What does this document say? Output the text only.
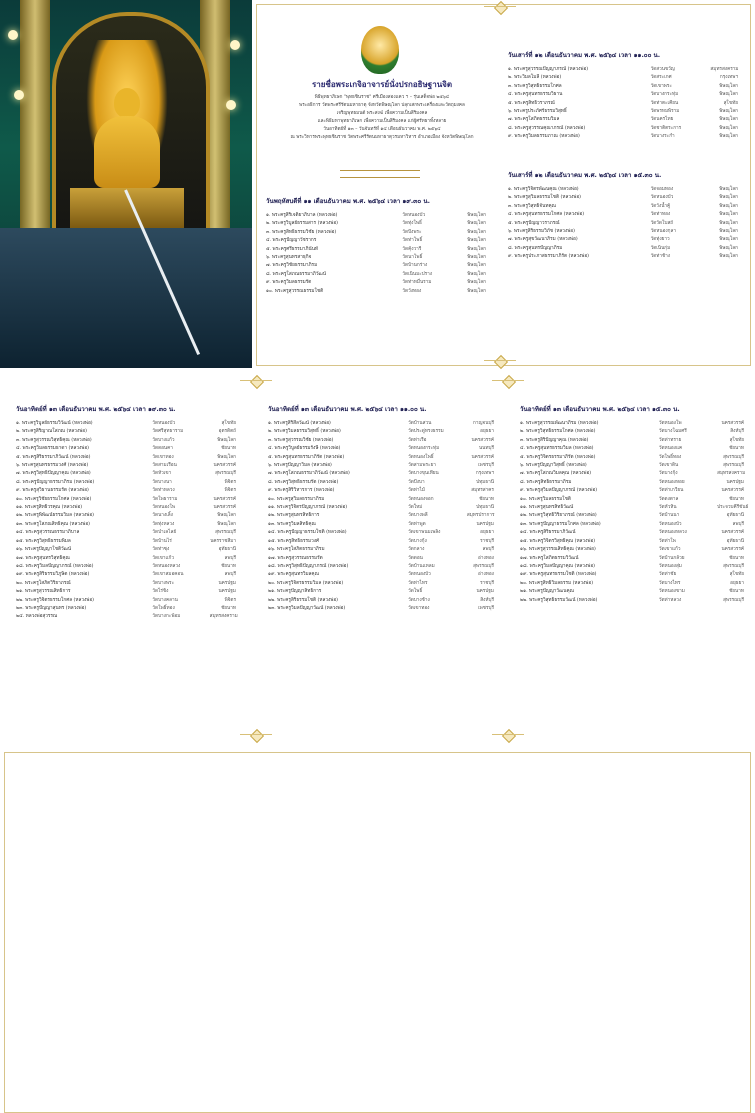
รายชื่อพระเกจิอาจารย์นั่งปรกอธิษฐานจิต
พิธีพุทธาภิเษก "พุทธชินราช" ศรีเมืองสองแคว ฯ – รุ่นเสด็จพ่อ ๒๕๖๔
พระอธิการ วัดพระศรีรัตนมหาธาตุ จังหวัดพิษณุโลก ปลุกเสกพระเครื่องและวัตถุมงคล
เจริญพุทธมนต์ พระสงฆ์ เพื่อความเป็นสิริมงคล
และพิธีมหาพุทธาภิเษก เพื่อความเป็นสิริมงคล แก่ผู้ศรัทธาทั้งหลาย
วันอาทิตย์ที่ ๑๓ – วันจันทร์ที่ ๑๔ เดือนธันวาคม พ.ศ. ๒๕๖๔
ณ พระวิหารพระพุทธชินราช วัดพระศรีรัตนมหาธาตุวรมหาวิหาร อำเภอเมือง จังหวัดพิษณุโลก
วันพฤหัสบดีที่ ๑๑ เดือนธันวาคม พ.ศ. ๒๕๖๔ เวลา ๑๙.๓๐ น.
๑. พระครูสิริเจติยาภิบาล (หลวงพ่อ)	วัดหนองบัว	พิษณุโลก
๒. พระครูวิบูลย์ธรรมสาร (หลวงพ่อ)	วัดทุ่งโพธิ์	พิษณุโลก
๓. พระครูสิทธิธรรมวิชัย (หลวงพ่อ)	วัดบึงพระ	พิษณุโลก
๔. พระครูปัญญาวัชรากร	วัดท่าโพธิ์	พิษณุโลก
๕. พระครูศรีธรรมาภินันท์	วัดคุ้งวารี	พิษณุโลก
๖. พระครูสุนทรสาธุกิจ	วัดนาโพธิ์	พิษณุโลก
๗. พระครูวิชัยธรรมาภิรม	วัดบ้านกร่าง	พิษณุโลก
๘. พระครูโสภณธรรมาภิวัฒน์	วัดเนินมะปราง	พิษณุโลก
๙. พระครูวิมลธรรมรัต	วัดท่าหมื่นราม	พิษณุโลก
๑๐. พระครูสุวรรณธรรมโชติ	วัดวังทอง	พิษณุโลก
วันเสาร์ที่ ๑๒ เดือนธันวาคม พ.ศ. ๒๕๖๔ เวลา ๑๑.๐๐ น.
๑. พระครูสุวรรณปัญญาภรณ์ (หลวงพ่อ)	วัดสวนขวัญ	สมุทรสงคราม
๒. พระวิมลโมลี (หลวงพ่อ)	วัดสระเกศ	กรุงเทพฯ
๓. พระครูวิสุทธิธรรมโกศล	วัดเขาพระ	พิษณุโลก
๔. พระครูสุนทรธรรมวิธาน	วัดบางกระทุ่ม	พิษณุโลก
๕. พระครูสิทธิวราภรณ์	วัดท่าตะเคียน	สุโขทัย
๖. พระครูประภัศร์ธรรมวิสุทธิ์	วัดพรหมพิราม	พิษณุโลก
๗. พระครูโสภิตธรรมวิมล	วัดนครไทย	พิษณุโลก
๘. พระครูสุวรรณคุณาภรณ์ (หลวงพ่อ)	วัดชาติตระการ	พิษณุโลก
๙. พระครูวิมลธรรมภาณ (หลวงพ่อ)	วัดบางระกำ	พิษณุโลก
วันเสาร์ที่ ๑๒ เดือนธันวาคม พ.ศ. ๒๕๖๔ เวลา ๑๕.๓๐ น.
๑. พระครูวิจิตรพัฒนคุณ (หลวงพ่อ)	วัดจอมทอง	พิษณุโลก
๒. พระครูสุวิมลธรรมโชติ (หลวงพ่อ)	วัดหนองบัว	พิษณุโลก
๓. พระครูวิสุทธิจันทคุณ	วัดวังน้ำคู้	พิษณุโลก
๔. พระครูสุนทรธรรมโกศล (หลวงพ่อ)	วัดท่าทอง	พิษณุโลก
๕. พระครูปัญญาวราภรณ์	วัดวัดโบสถ์	พิษณุโลก
๖. พระครูสิริธรรมวิภัช (หลวงพ่อ)	วัดหนองกุลา	พิษณุโลก
๗. พระครูสุขวัฒนาภิรม (หลวงพ่อ)	วัดทุ่งยาว	พิษณุโลก
๘. พระครูสุนทรปัญญาภิรม	วัดเนินกุ่ม	พิษณุโลก
๙. พระครูประภาสธรรมาภิรัต (หลวงพ่อ)	วัดท่าช้าง	พิษณุโลก
วันอาทิตย์ที่ ๑๓ เดือนธันวาคม พ.ศ. ๒๕๖๔ เวลา ๑๙.๓๐ น.
๑. พระครูวิบูลย์ธรรมวิวัฒน์ (หลวงพ่อ)	วัดหนองบัว	สุโขทัย
๒. พระครูสิริญาณโสภณ (หลวงพ่อ)	วัดศรีสุทธาราม	อุตรดิตถ์
๓. พระครูสุวรรณวิสุทธิคุณ (หลวงพ่อ)	วัดบางแก้ว	พิษณุโลก
๔. พระครูวิมลธรรมธาดา (หลวงพ่อ)	วัดดอนคา	ชัยนาท
๕. พระครูสิริธรรมาภิวัฒน์ (หลวงพ่อ)	วัดเขาทอง	พิษณุโลก
๖. พระครูสุนทรธรรมวงศ์ (หลวงพ่อ)	วัดสามเรือน	นครสวรรค์
๗. พระครูวิสุทธิปัญญาคุณ (หลวงพ่อ)	วัดหัวเขา	สุพรรณบุรี
๘. พระครูปัญญาธรรมาภิรม (หลวงพ่อ)	วัดบางนา	พิจิตร
๙. พระครูสุวิธานธรรมรัต (หลวงพ่อ)	วัดท่าหลวง	พิจิตร
๑๐. พระครูวิชัยธรรมโกศล (หลวงพ่อ)	วัดโพธาราม	นครสวรรค์
๑๑. พระครูสิทธิวรคุณ (หลวงพ่อ)	วัดหนองโพ	นครสวรรค์
๑๒. พระครูพิพัฒน์ธรรมวิมล (หลวงพ่อ)	วัดนางเลิ้ง	พิษณุโลก
๑๓. พระครูโสภณสิทธิคุณ (หลวงพ่อ)	วัดทุ่งหลวง	พิษณุโลก
๑๔. พระครูสุวรรณธรรมาภิบาล	วัดป่าเลไลย์	สุพรรณบุรี
๑๕. พระครูวิสุทธิธรรมพิมล	วัดบ้านไร่	นครราชสีมา
๑๖. พระครูปัญญาโชติวัฒน์	วัดท่าซุง	อุทัยธานี
๑๗. พระครูสุนทรวิสุทธิคุณ	วัดเขาแก้ว	ลพบุรี
๑๘. พระครูวิมลปัญญาภรณ์ (หลวงพ่อ)	วัดหนองหลวง	ชัยนาท
๑๙. พระครูสิริธรรมวิภูษิต (หลวงพ่อ)	วัดเขาสมอคอน	ลพบุรี
๒๐. พระครูโสภิตวิริยาภรณ์	วัดบางพระ	นครปฐม
๒๑. พระครูสุวรรณสิทธิการ	วัดไร่ขิง	นครปฐม
๒๒. พระครูวิจิตรธรรมโกศล (หลวงพ่อ)	วัดบางคลาน	พิจิตร
๒๓. พระครูปัญญาสุนทร (หลวงพ่อ)	วัดโพธิ์ทอง	ชัยนาท
๒๔. หลวงพ่อสุวรรณ	วัดบางกะพ้อม	สมุทรสงคราม
วันอาทิตย์ที่ ๑๓ เดือนธันวาคม พ.ศ. ๒๕๖๔ เวลา ๑๑.๐๐ น.
๑. พระครูสิริสีลวัฒน์ (หลวงพ่อ)	วัดบ้านสวน	กาญจนบุรี
๒. พระครูวิมลธรรมวิสุทธิ์ (หลวงพ่อ)	วัดประดู่ทรงธรรม	อยุธยา
๓. พระครูสุวรรณวิชัย (หลวงพ่อ)	วัดท่าเรือ	นครสวรรค์
๔. พระครูวิบูลย์ธรรมรังษี (หลวงพ่อ)	วัดหนองกระทุ่ม	นนทบุรี
๕. พระครูสุนทรธรรมาภิรัต (หลวงพ่อ)	วัดหนองโพธิ์	นครสวรรค์
๖. พระครูปัญญาวิมล (หลวงพ่อ)	วัดสามพระยา	เพชรบุรี
๗. พระครูโสภณธรรมาภิวัฒน์ (หลวงพ่อ)	วัดบางขุนเทียน	กรุงเทพฯ
๘. พระครูวิสุทธิธรรมรัต (หลวงพ่อ)	วัดบึงบา	ปทุมธานี
๙. พระครูสิริวิหารการ (หลวงพ่อ)	วัดท่าไม้	สมุทรสาคร
๑๐. พระครูสุวิมลธรรมาภิรม	วัดหนองจอก	ชัยนาท
๑๑. พระครูวิจิตรปัญญาภรณ์ (หลวงพ่อ)	วัดใหม่	ปทุมธานี
๑๒. พระครูสุนทรสิทธิการ	วัดบางพลี	สมุทรปราการ
๑๓. พระครูวิมลสิทธิคุณ	วัดท่าพูด	นครปฐม
๑๔. พระครูปัญญาธรรมโชติ (หลวงพ่อ)	วัดเขาพนมเพลิง	อยุธยา
๑๕. พระครูสิทธิธรรมวงศ์	วัดบางกุ้ง	ราชบุรี
๑๖. พระครูโสภิตธรรมาภิรม	วัดกลาง	ลพบุรี
๑๗. พระครูสุวรรณธรรมรัต	วัดดอน	อ่างทอง
๑๘. พระครูวิสุทธิปัญญาภรณ์ (หลวงพ่อ)	วัดบ้านแหลม	สุพรรณบุรี
๑๙. พระครูสุนทรวิมลคุณ	วัดหนองบัว	อ่างทอง
๒๐. พระครูวิจิตรธรรมวิมล (หลวงพ่อ)	วัดท่าไทร	ราชบุรี
๒๑. พระครูปัญญาสิทธิการ	วัดโพธิ์	นครปฐม
๒๒. พระครูสิริธรรมโชติ (หลวงพ่อ)	วัดบางช้าง	สิงห์บุรี
๒๓. พระครูวิมลปัญญาวัฒน์ (หลวงพ่อ)	วัดเขาทอง	เพชรบุรี
วันอาทิตย์ที่ ๑๓ เดือนธันวาคม พ.ศ. ๒๕๖๔ เวลา ๑๕.๓๐ น.
๑. พระครูสุวรรณพัฒนาภิรม (หลวงพ่อ)	วัดหนองโพ	นครสวรรค์
๒. พระครูวิสุทธิธรรมโกศล (หลวงพ่อ)	วัดบางโฉมศรี	สิงห์บุรี
๓. พระครูสิริปัญญาคุณ (หลวงพ่อ)	วัดท่าทราย	สุโขทัย
๔. พระครูสุนทรธรรมวิมล (หลวงพ่อ)	วัดหนองแค	ชัยนาท
๕. พระครูวิจิตรธรรมาภิรัต (หลวงพ่อ)	วัดโพธิ์ทอง	สุพรรณบุรี
๖. พระครูปัญญาวิสุทธิ์ (หลวงพ่อ)	วัดเขาดิน	สุพรรณบุรี
๗. พระครูโสภณวิมลคุณ (หลวงพ่อ)	วัดบางกุ้ง	สมุทรสงคราม
๘. พระครูสิทธิธรรมาภิรม	วัดหนองหอย	นครปฐม
๙. พระครูสุวิมลปัญญาภรณ์ (หลวงพ่อ)	วัดท่าเกวียน	นครสวรรค์
๑๐. พระครูวิมลธรรมโชติ	วัดดงตาล	ชัยนาท
๑๑. พระครูสุนทรสิทธิวัฒน์	วัดหัวหิน	ประจวบคีรีขันธ์
๑๒. พระครูวิสุทธิวิริยาภรณ์ (หลวงพ่อ)	วัดบ้านนา	อุทัยธานี
๑๓. พระครูปัญญาธรรมโกศล (หลวงพ่อ)	วัดหนองบัว	ลพบุรี
๑๔. พระครูสิริธรรมาภิวัฒน์	วัดหนองหลวง	นครสวรรค์
๑๕. พระครูวิจิตรวิสุทธิคุณ (หลวงพ่อ)	วัดท่าโพ	อุทัยธานี
๑๖. พระครูสุวรรณสิทธิคุณ (หลวงพ่อ)	วัดเขาแก้ว	นครสวรรค์
๑๗. พระครูโสภิตธรรมวิวัฒน์	วัดบ้านกล้วย	ชัยนาท
๑๘. พระครูวิมลปัญญาคุณ (หลวงพ่อ)	วัดหนองสุ่ม	สุพรรณบุรี
๑๙. พระครูสุนทรธรรมโชติ (หลวงพ่อ)	วัดท่าชัย	สุโขทัย
๒๐. พระครูสิทธิวิมลธรรม (หลวงพ่อ)	วัดบางไทร	อยุธยา
๒๑. พระครูปัญญาวัฒนคุณ	วัดหนองขาม	ชัยนาท
๒๒. พระครูวิสุทธิธรรมวัฒน์ (หลวงพ่อ)	วัดท่าหลวง	สุพรรณบุรี
